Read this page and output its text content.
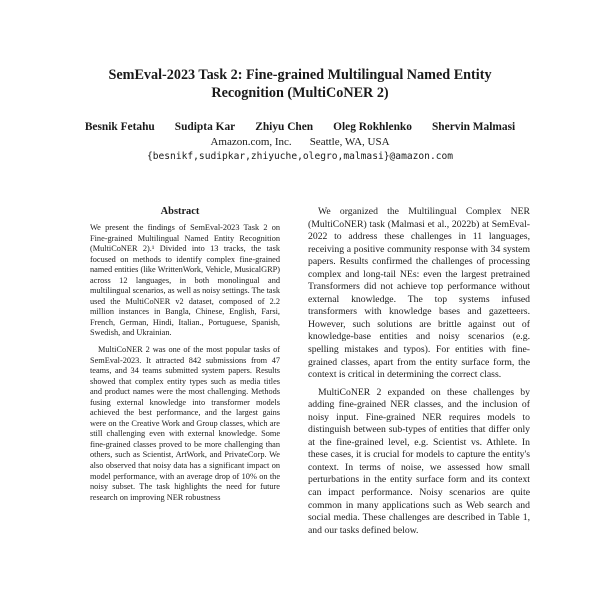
SemEval-2023 Task 2: Fine-grained Multilingual Named Entity
Recognition (MultiCoNER 2)
Besnik Fetahu Sudipta Kar Zhiyu Chen Oleg Rokhlenko Shervin Malmasi
Amazon.com, Inc. Seattle, WA, USA
{besnikf,sudipkar,zhiyuche,olegro,malmasi}@amazon.com
Abstract

We present the findings of SemEval-2023 Task 2 on Fine-grained Multilingual Named Entity Recognition (MultiCoNER 2).¹ Divided into 13 tracks, the task focused on methods to identify complex fine-grained named entities (like WrittenWork, Vehicle, MusicalGRP) across 12 languages, in both monolingual and multilingual scenarios, as well as noisy settings. The task used the MultiCoNER v2 dataset, composed of 2.2 million instances in Bangla, Chinese, English, Farsi, French, German, Hindi, Italian., Portuguese, Spanish, Swedish, and Ukrainian.

MultiCoNER 2 was one of the most popular tasks of SemEval-2023. It attracted 842 submissions from 47 teams, and 34 teams submitted system papers. Results showed that complex entity types such as media titles and product names were the most challenging. Methods fusing external knowledge into transformer models achieved the best performance, and the largest gains were on the Creative Work and Group classes, which are still challenging even with external knowledge. Some fine-grained classes proved to be more challenging than others, such as Scientist, ArtWork, and PrivateCorp. We also observed that noisy data has a significant impact on model performance, with an average drop of 10% on the noisy subset. The task highlights the need for future research on improving NER robustness

We organized the Multilingual Complex NER (MultiCoNER) task (Malmasi et al., 2022b) at SemEval-2022 to address these challenges in 11 languages, receiving a positive community response with 34 system papers. Results confirmed the challenges of processing complex and long-tail NEs: even the largest pretrained Transformers did not achieve top performance without external knowledge. The top systems infused transformers with knowledge bases and gazetteers. However, such solutions are brittle against out of knowledge-base entities and noisy scenarios (e.g. spelling mistakes and typos). For entities with fine-grained classes, apart from the entity surface form, the context is critical in determining the correct class.

MultiCoNER 2 expanded on these challenges by adding fine-grained NER classes, and the inclusion of noisy input. Fine-grained NER requires models to distinguish between sub-types of entities that differ only at the fine-grained level, e.g. Scientist vs. Athlete. In these cases, it is crucial for models to capture the entity's context. In terms of noise, we assessed how small perturbations in the entity surface form and its context can impact performance. Noisy scenarios are quite common in many applications such as Web search and social media. These challenges are described in Table 1, and our tasks defined below.
